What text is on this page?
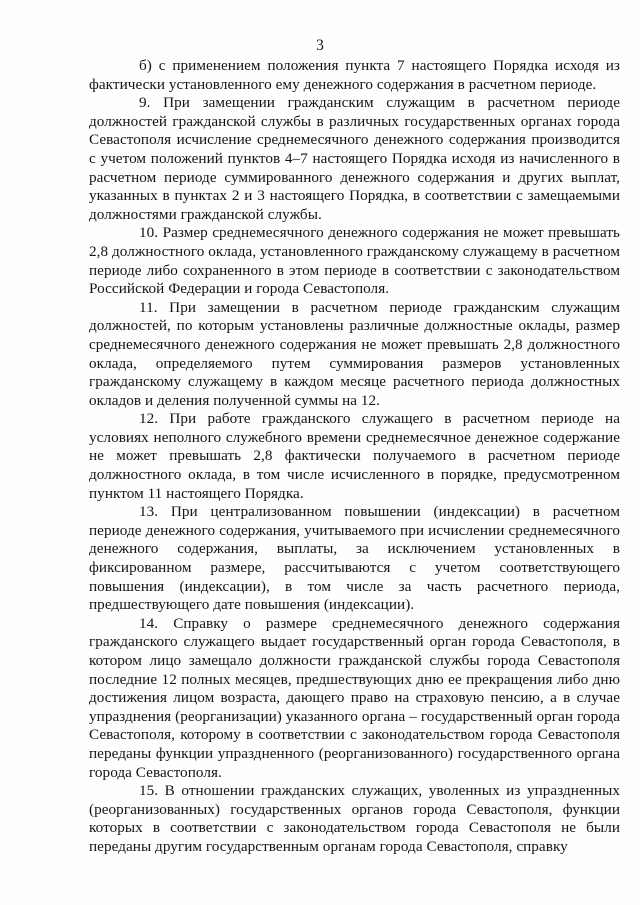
3

б) с применением положения пункта 7 настоящего Порядка исходя из фактически установленного ему денежного содержания в расчетном периоде.

9. При замещении гражданским служащим в расчетном периоде должностей гражданской службы в различных государственных органах города Севастополя исчисление среднемесячного денежного содержания производится с учетом положений пунктов 4–7 настоящего Порядка исходя из начисленного в расчетном периоде суммированного денежного содержания и других выплат, указанных в пунктах 2 и 3 настоящего Порядка, в соответствии с замещаемыми должностями гражданской службы.

10. Размер среднемесячного денежного содержания не может превышать 2,8 должностного оклада, установленного гражданскому служащему в расчетном периоде либо сохраненного в этом периоде в соответствии с законодательством Российской Федерации и города Севастополя.

11. При замещении в расчетном периоде гражданским служащим должностей, по которым установлены различные должностные оклады, размер среднемесячного денежного содержания не может превышать 2,8 должностного оклада, определяемого путем суммирования размеров установленных гражданскому служащему в каждом месяце расчетного периода должностных окладов и деления полученной суммы на 12.

12. При работе гражданского служащего в расчетном периоде на условиях неполного служебного времени среднемесячное денежное содержание не может превышать 2,8 фактически получаемого в расчетном периоде должностного оклада, в том числе исчисленного в порядке, предусмотренном пунктом 11 настоящего Порядка.

13. При централизованном повышении (индексации) в расчетном периоде денежного содержания, учитываемого при исчислении среднемесячного денежного содержания, выплаты, за исключением установленных в фиксированном размере, рассчитываются с учетом соответствующего повышения (индексации), в том числе за часть расчетного периода, предшествующего дате повышения (индексации).

14. Справку о размере среднемесячного денежного содержания гражданского служащего выдает государственный орган города Севастополя, в котором лицо замещало должности гражданской службы города Севастополя последние 12 полных месяцев, предшествующих дню ее прекращения либо дню достижения лицом возраста, дающего право на страховую пенсию, а в случае упразднения (реорганизации) указанного органа – государственный орган города Севастополя, которому в соответствии с законодательством города Севастополя переданы функции упраздненного (реорганизованного) государственного органа города Севастополя.

15. В отношении гражданских служащих, уволенных из упраздненных (реорганизованных) государственных органов города Севастополя, функции которых в соответствии с законодательством города Севастополя не были переданы другим государственным органам города Севастополя, справку
